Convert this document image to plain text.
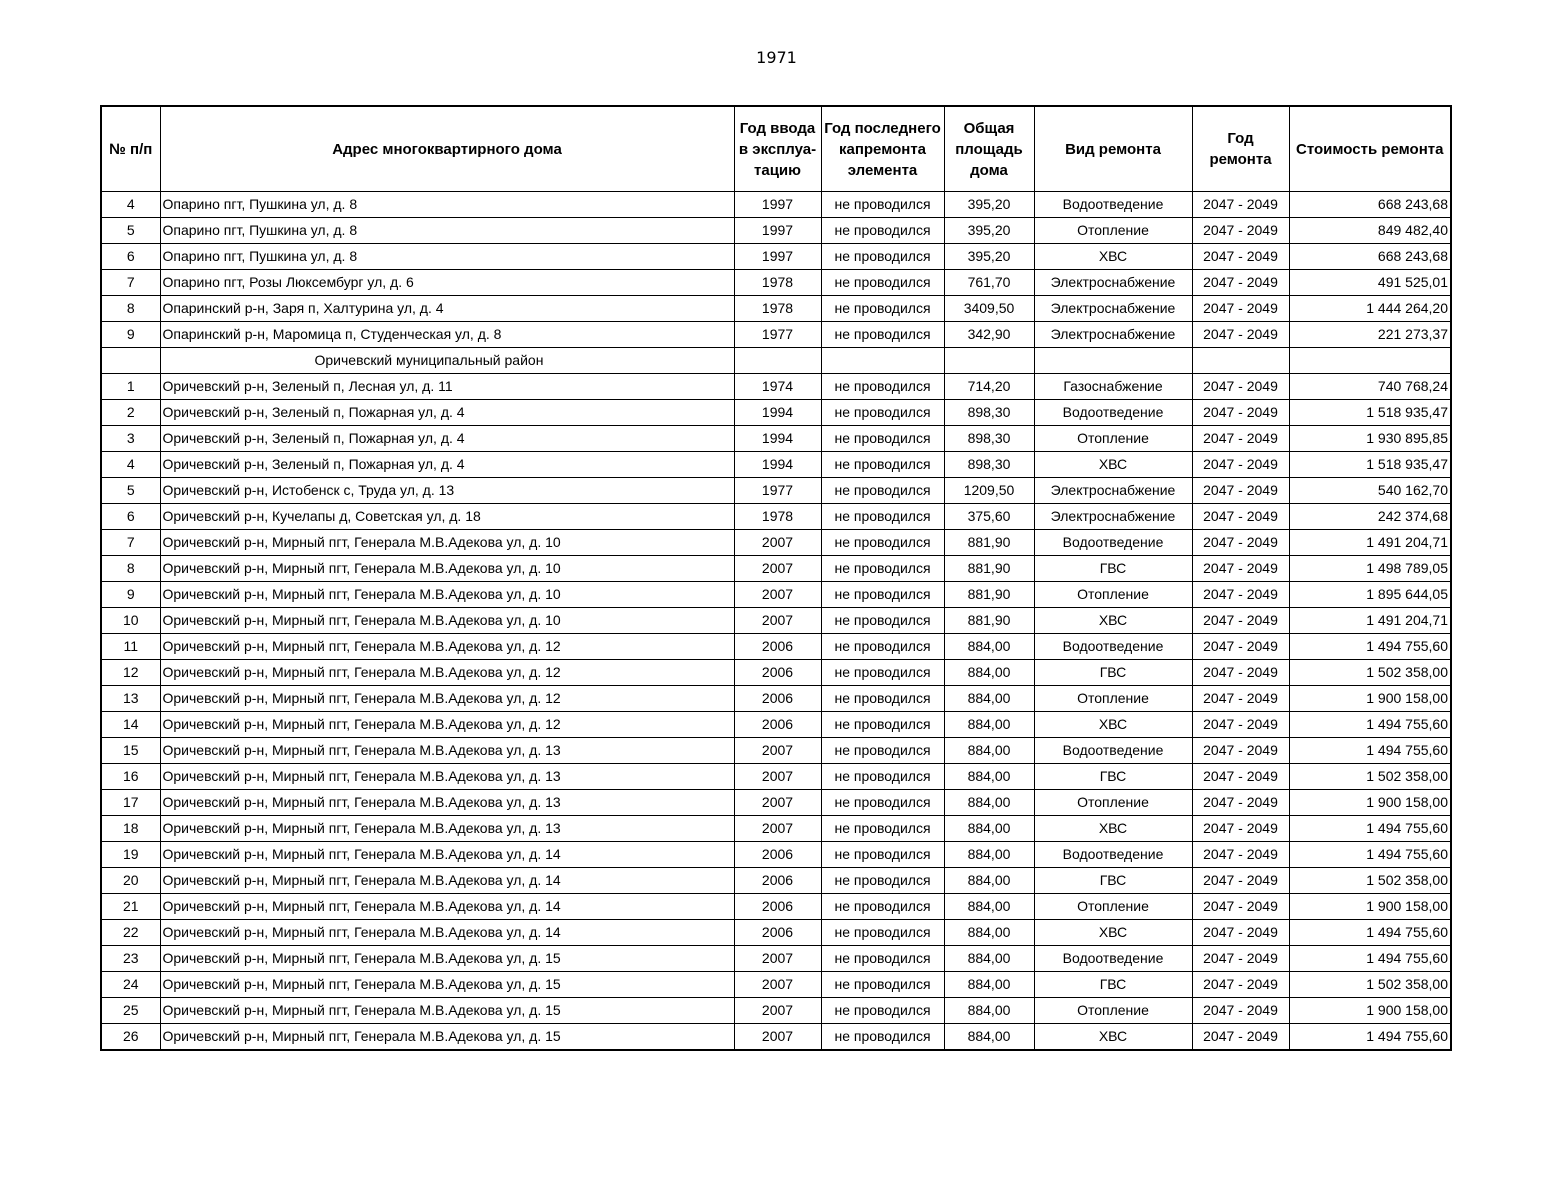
1971
№ п/п	Адрес многоквартирного дома	Год ввода в эксплуа-тацию	Год последнего капремонта элемента	Общая площадь дома	Вид ремонта	Год ремонта	Стоимость ремонта
4	Опарино пгт, Пушкина ул, д. 8	1997	не проводился	395,20	Водоотведение	2047 - 2049	668 243,68
5	Опарино пгт, Пушкина ул, д. 8	1997	не проводился	395,20	Отопление	2047 - 2049	849 482,40
6	Опарино пгт, Пушкина ул, д. 8	1997	не проводился	395,20	ХВС	2047 - 2049	668 243,68
7	Опарино пгт, Розы Люксембург ул, д. 6	1978	не проводился	761,70	Электроснабжение	2047 - 2049	491 525,01
8	Опаринский р-н, Заря п, Халтурина ул, д. 4	1978	не проводился	3409,50	Электроснабжение	2047 - 2049	1 444 264,20
9	Опаринский р-н, Маромица п, Студенческая ул, д. 8	1977	не проводился	342,90	Электроснабжение	2047 - 2049	221 273,37
	Оричевский муниципальный район						
1	Оричевский р-н, Зеленый п, Лесная ул, д. 11	1974	не проводился	714,20	Газоснабжение	2047 - 2049	740 768,24
2	Оричевский р-н, Зеленый п, Пожарная ул, д. 4	1994	не проводился	898,30	Водоотведение	2047 - 2049	1 518 935,47
3	Оричевский р-н, Зеленый п, Пожарная ул, д. 4	1994	не проводился	898,30	Отопление	2047 - 2049	1 930 895,85
4	Оричевский р-н, Зеленый п, Пожарная ул, д. 4	1994	не проводился	898,30	ХВС	2047 - 2049	1 518 935,47
5	Оричевский р-н, Истобенск с, Труда ул, д. 13	1977	не проводился	1209,50	Электроснабжение	2047 - 2049	540 162,70
6	Оричевский р-н, Кучелапы д, Советская ул, д. 18	1978	не проводился	375,60	Электроснабжение	2047 - 2049	242 374,68
7	Оричевский р-н, Мирный пгт, Генерала М.В.Адекова ул, д. 10	2007	не проводился	881,90	Водоотведение	2047 - 2049	1 491 204,71
8	Оричевский р-н, Мирный пгт, Генерала М.В.Адекова ул, д. 10	2007	не проводился	881,90	ГВС	2047 - 2049	1 498 789,05
9	Оричевский р-н, Мирный пгт, Генерала М.В.Адекова ул, д. 10	2007	не проводился	881,90	Отопление	2047 - 2049	1 895 644,05
10	Оричевский р-н, Мирный пгт, Генерала М.В.Адекова ул, д. 10	2007	не проводился	881,90	ХВС	2047 - 2049	1 491 204,71
11	Оричевский р-н, Мирный пгт, Генерала М.В.Адекова ул, д. 12	2006	не проводился	884,00	Водоотведение	2047 - 2049	1 494 755,60
12	Оричевский р-н, Мирный пгт, Генерала М.В.Адекова ул, д. 12	2006	не проводился	884,00	ГВС	2047 - 2049	1 502 358,00
13	Оричевский р-н, Мирный пгт, Генерала М.В.Адекова ул, д. 12	2006	не проводился	884,00	Отопление	2047 - 2049	1 900 158,00
14	Оричевский р-н, Мирный пгт, Генерала М.В.Адекова ул, д. 12	2006	не проводился	884,00	ХВС	2047 - 2049	1 494 755,60
15	Оричевский р-н, Мирный пгт, Генерала М.В.Адекова ул, д. 13	2007	не проводился	884,00	Водоотведение	2047 - 2049	1 494 755,60
16	Оричевский р-н, Мирный пгт, Генерала М.В.Адекова ул, д. 13	2007	не проводился	884,00	ГВС	2047 - 2049	1 502 358,00
17	Оричевский р-н, Мирный пгт, Генерала М.В.Адекова ул, д. 13	2007	не проводился	884,00	Отопление	2047 - 2049	1 900 158,00
18	Оричевский р-н, Мирный пгт, Генерала М.В.Адекова ул, д. 13	2007	не проводился	884,00	ХВС	2047 - 2049	1 494 755,60
19	Оричевский р-н, Мирный пгт, Генерала М.В.Адекова ул, д. 14	2006	не проводился	884,00	Водоотведение	2047 - 2049	1 494 755,60
20	Оричевский р-н, Мирный пгт, Генерала М.В.Адекова ул, д. 14	2006	не проводился	884,00	ГВС	2047 - 2049	1 502 358,00
21	Оричевский р-н, Мирный пгт, Генерала М.В.Адекова ул, д. 14	2006	не проводился	884,00	Отопление	2047 - 2049	1 900 158,00
22	Оричевский р-н, Мирный пгт, Генерала М.В.Адекова ул, д. 14	2006	не проводился	884,00	ХВС	2047 - 2049	1 494 755,60
23	Оричевский р-н, Мирный пгт, Генерала М.В.Адекова ул, д. 15	2007	не проводился	884,00	Водоотведение	2047 - 2049	1 494 755,60
24	Оричевский р-н, Мирный пгт, Генерала М.В.Адекова ул, д. 15	2007	не проводился	884,00	ГВС	2047 - 2049	1 502 358,00
25	Оричевский р-н, Мирный пгт, Генерала М.В.Адекова ул, д. 15	2007	не проводился	884,00	Отопление	2047 - 2049	1 900 158,00
26	Оричевский р-н, Мирный пгт, Генерала М.В.Адекова ул, д. 15	2007	не проводился	884,00	ХВС	2047 - 2049	1 494 755,60
